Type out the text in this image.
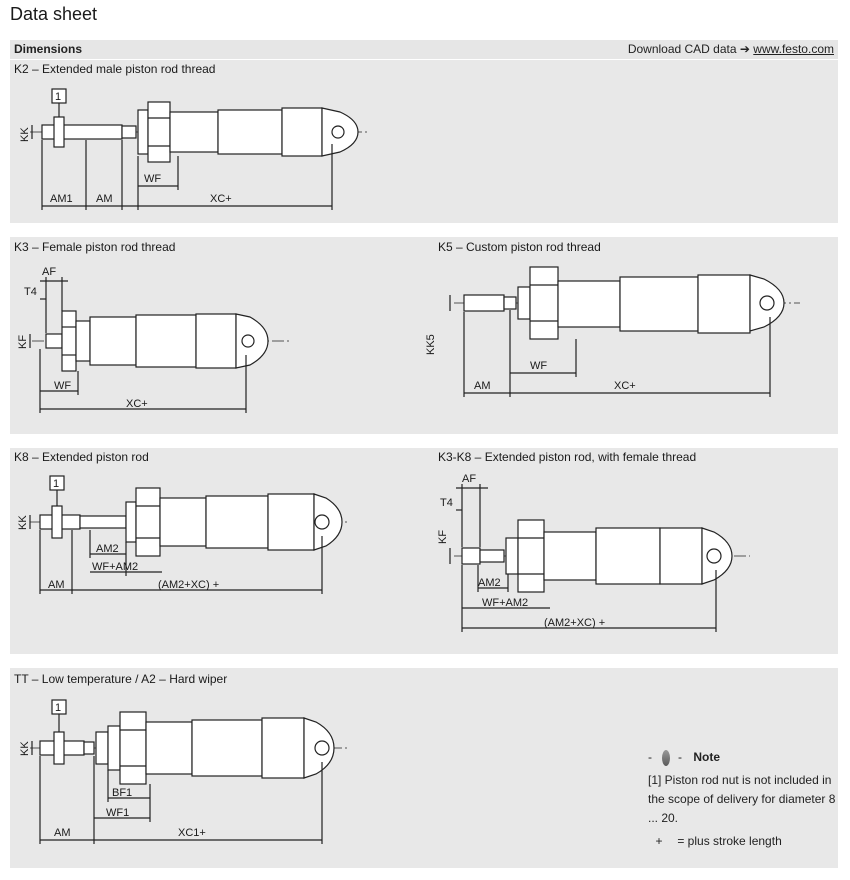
Data sheet
Dimensions	Download CAD data ➔ www.festo.com
K2 – Extended male piston rod thread
1
KK
AM1 AM
WF
XC+
K3 – Female piston rod thread	K5 – Custom piston rod thread
AF
T4
KF
WF
XC+
KK5
AM
WF
XC+
K8 – Extended piston rod	K3-K8 – Extended piston rod, with female thread
1
KK
AM2
WF+AM2
AM	(AM2+XC) +
AF
T4
KF
AM2
WF+AM2
(AM2+XC) +
TT – Low temperature / A2 – Hard wiper
1
KK
BF1
WF1
AM	XC1+
- - Note
[1] Piston rod nut is not included in the scope of delivery for diameter 8 ... 20.
+ = plus stroke length
